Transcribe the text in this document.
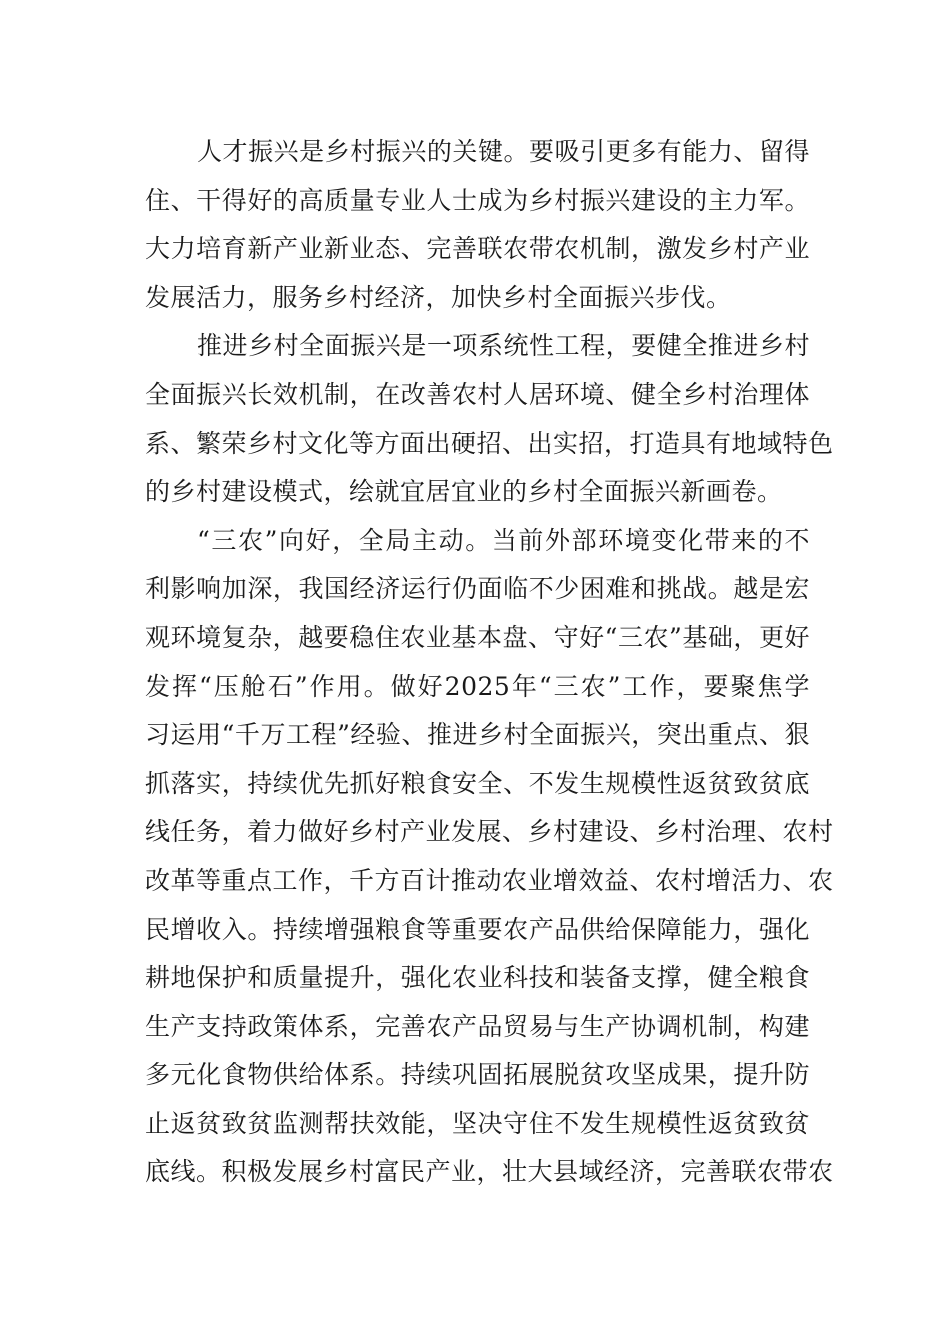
人才振兴是乡村振兴的关键。要吸引更多有能力、留得
住、干得好的高质量专业人士成为乡村振兴建设的主力军。
大力培育新产业新业态、完善联农带农机制，激发乡村产业
发展活力，服务乡村经济，加快乡村全面振兴步伐。
推进乡村全面振兴是一项系统性工程，要健全推进乡村
全面振兴长效机制，在改善农村人居环境、健全乡村治理体
系、繁荣乡村文化等方面出硬招、出实招，打造具有地域特色
的乡村建设模式，绘就宜居宜业的乡村全面振兴新画卷。
“三农”向好，全局主动。当前外部环境变化带来的不
利影响加深，我国经济运行仍面临不少困难和挑战。越是宏
观环境复杂，越要稳住农业基本盘、守好“三农”基础，更好
发挥“压舱石”作用。做好2025年“三农”工作，要聚焦学
习运用“千万工程”经验、推进乡村全面振兴，突出重点、狠
抓落实，持续优先抓好粮食安全、不发生规模性返贫致贫底
线任务，着力做好乡村产业发展、乡村建设、乡村治理、农村
改革等重点工作，千方百计推动农业增效益、农村增活力、农
民增收入。持续增强粮食等重要农产品供给保障能力，强化
耕地保护和质量提升，强化农业科技和装备支撑，健全粮食
生产支持政策体系，完善农产品贸易与生产协调机制，构建
多元化食物供给体系。持续巩固拓展脱贫攻坚成果，提升防
止返贫致贫监测帮扶效能，坚决守住不发生规模性返贫致贫
底线。积极发展乡村富民产业，壮大县域经济，完善联农带农
